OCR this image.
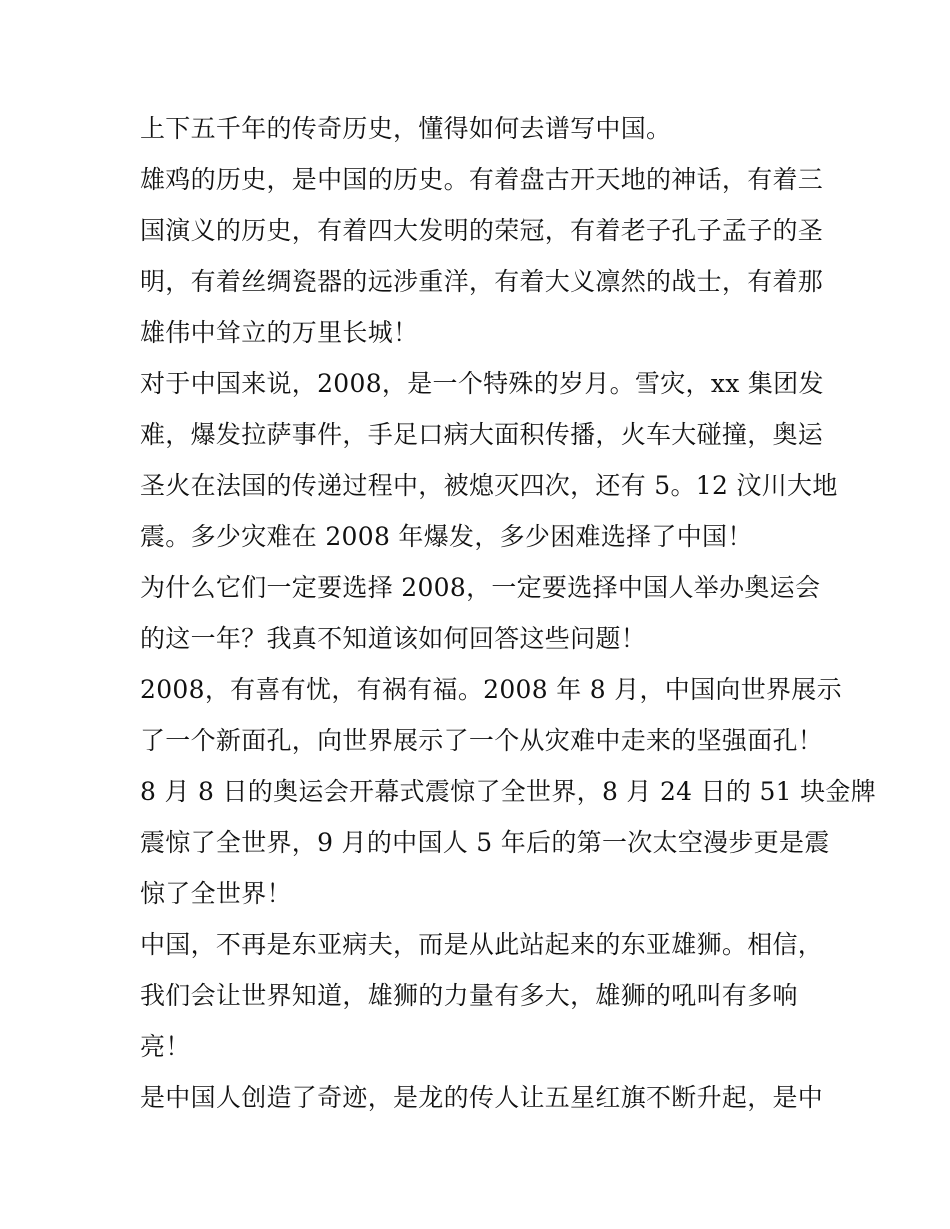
上下五千年的传奇历史，懂得如何去谱写中国。
雄鸡的历史，是中国的历史。有着盘古开天地的神话，有着三
国演义的历史，有着四大发明的荣冠，有着老子孔子孟子的圣
明，有着丝绸瓷器的远涉重洋，有着大义凛然的战士，有着那
雄伟中耸立的万里长城！
对于中国来说，2008，是一个特殊的岁月。雪灾，xx 集团发
难，爆发拉萨事件，手足口病大面积传播，火车大碰撞，奥运
圣火在法国的传递过程中，被熄灭四次，还有 5。12 汶川大地
震。多少灾难在 2008 年爆发，多少困难选择了中国！
为什么它们一定要选择 2008，一定要选择中国人举办奥运会
的这一年？我真不知道该如何回答这些问题！
2008，有喜有忧，有祸有福。2008 年 8 月，中国向世界展示
了一个新面孔，向世界展示了一个从灾难中走来的坚强面孔！
8 月 8 日的奥运会开幕式震惊了全世界，8 月 24 日的 51 块金牌
震惊了全世界，9 月的中国人 5 年后的第一次太空漫步更是震
惊了全世界！
中国，不再是东亚病夫，而是从此站起来的东亚雄狮。相信，
我们会让世界知道，雄狮的力量有多大，雄狮的吼叫有多响
亮！
是中国人创造了奇迹，是龙的传人让五星红旗不断升起，是中
